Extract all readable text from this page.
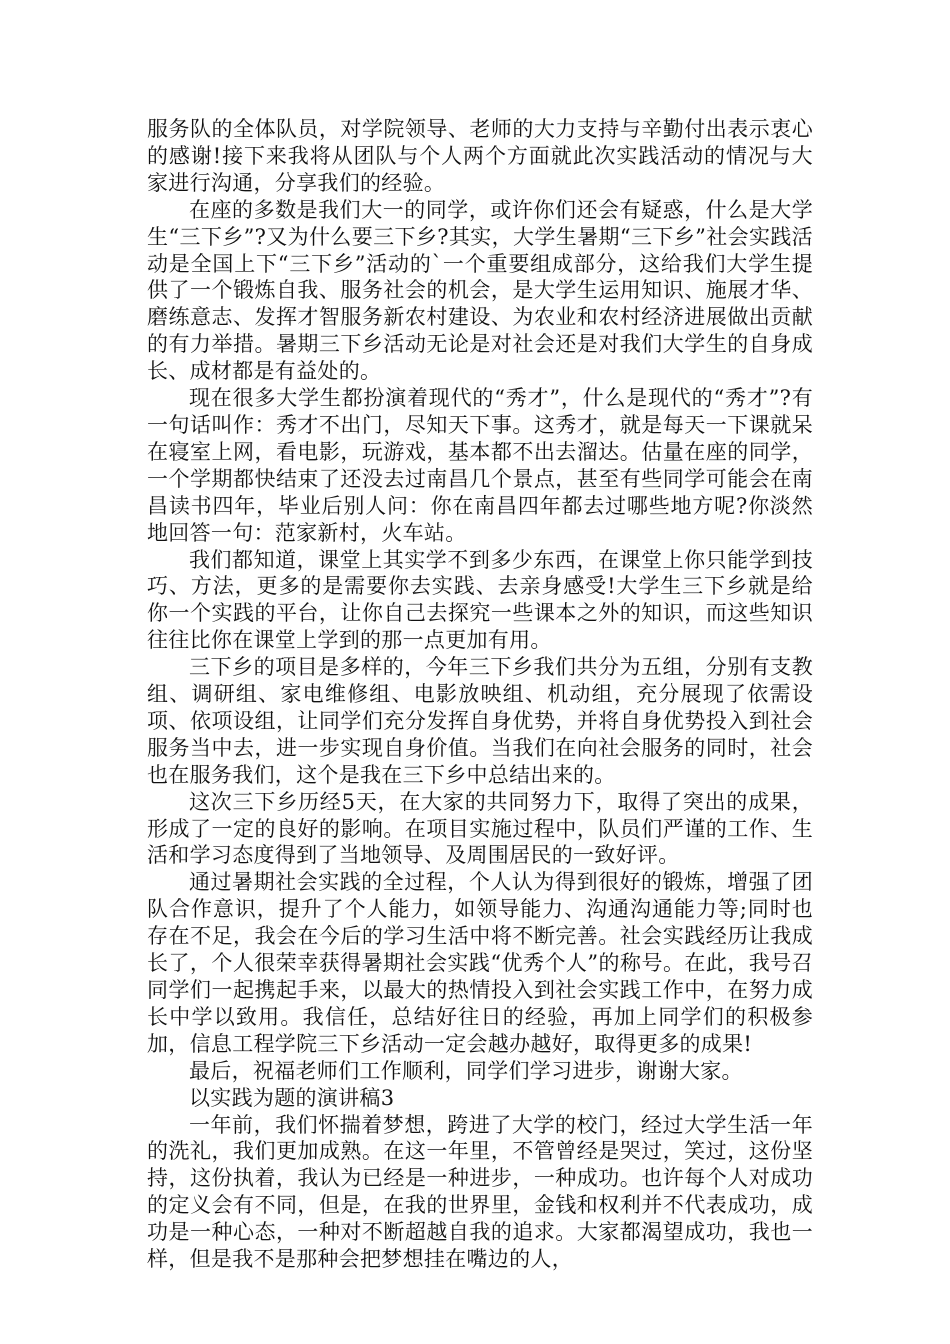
服务队的全体队员，对学院领导、老师的大力支持与辛勤付出表示衷心的感谢!接下来我将从团队与个人两个方面就此次实践活动的情况与大家进行沟通，分享我们的经验。

在座的多数是我们大一的同学，或许你们还会有疑惑，什么是大学生“三下乡”?又为什么要三下乡?其实，大学生暑期“三下乡”社会实践活动是全国上下“三下乡”活动的`一个重要组成部分，这给我们大学生提供了一个锻炼自我、服务社会的机会，是大学生运用知识、施展才华、磨练意志、发挥才智服务新农村建设、为农业和农村经济进展做出贡献的有力举措。暑期三下乡活动无论是对社会还是对我们大学生的自身成长、成材都是有益处的。

现在很多大学生都扮演着现代的“秀才”，什么是现代的“秀才”?有一句话叫作：秀才不出门，尽知天下事。这秀才，就是每天一下课就呆在寝室上网，看电影，玩游戏，基本都不出去溜达。估量在座的同学，一个学期都快结束了还没去过南昌几个景点，甚至有些同学可能会在南昌读书四年，毕业后别人问：你在南昌四年都去过哪些地方呢?你淡然地回答一句：范家新村，火车站。

我们都知道，课堂上其实学不到多少东西，在课堂上你只能学到技巧、方法，更多的是需要你去实践、去亲身感受!大学生三下乡就是给你一个实践的平台，让你自己去探究一些课本之外的知识，而这些知识往往比你在课堂上学到的那一点更加有用。

三下乡的项目是多样的，今年三下乡我们共分为五组，分别有支教组、调研组、家电维修组、电影放映组、机动组，充分展现了依需设项、依项设组，让同学们充分发挥自身优势，并将自身优势投入到社会服务当中去，进一步实现自身价值。当我们在向社会服务的同时，社会也在服务我们，这个是我在三下乡中总结出来的。

这次三下乡历经5天，在大家的共同努力下，取得了突出的成果，形成了一定的良好的影响。在项目实施过程中，队员们严谨的工作、生活和学习态度得到了当地领导、及周围居民的一致好评。

通过暑期社会实践的全过程，个人认为得到很好的锻炼，增强了团队合作意识，提升了个人能力，如领导能力、沟通沟通能力等;同时也存在不足，我会在今后的学习生活中将不断完善。社会实践经历让我成长了，个人很荣幸获得暑期社会实践“优秀个人”的称号。在此，我号召同学们一起携起手来，以最大的热情投入到社会实践工作中，在努力成长中学以致用。我信任，总结好往日的经验，再加上同学们的积极参加，信息工程学院三下乡活动一定会越办越好，取得更多的成果!

最后，祝福老师们工作顺利，同学们学习进步，谢谢大家。

以实践为题的演讲稿3

一年前，我们怀揣着梦想，跨进了大学的校门，经过大学生活一年的洗礼，我们更加成熟。在这一年里，不管曾经是哭过，笑过，这份坚持，这份执着，我认为已经是一种进步，一种成功。也许每个人对成功的定义会有不同，但是，在我的世界里，金钱和权利并不代表成功，成功是一种心态，一种对不断超越自我的追求。大家都渴望成功，我也一样，但是我不是那种会把梦想挂在嘴边的人，
